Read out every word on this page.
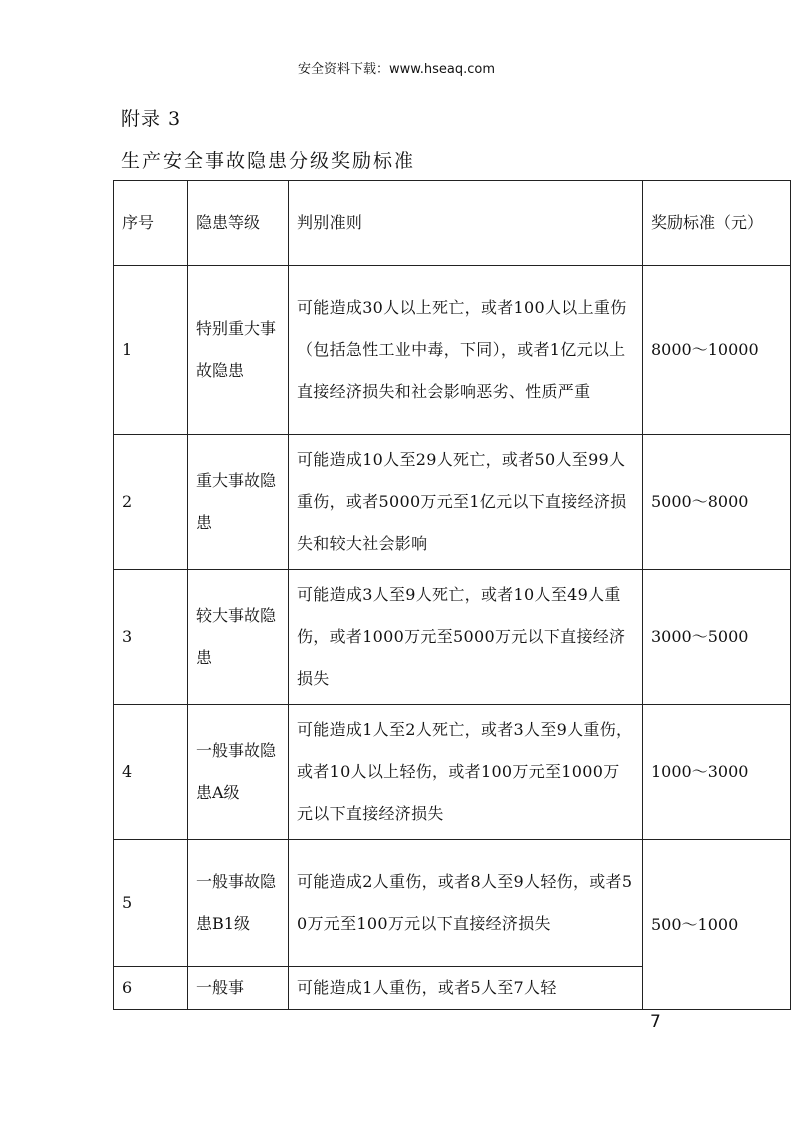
安全资料下载：www.hseaq.com
附录 3
生产安全事故隐患分级奖励标准
序号	隐患等级	判别准则	奖励标准（元）
1	特别重大事故隐患	可能造成30人以上死亡，或者100人以上重伤（包括急性工业中毒，下同），或者1亿元以上直接经济损失和社会影响恶劣、性质严重	8000～10000
2	重大事故隐患	可能造成10人至29人死亡，或者50人至99人重伤，或者5000万元至1亿元以下直接经济损失和较大社会影响	5000～8000
3	较大事故隐患	可能造成3人至9人死亡，或者10人至49人重伤，或者1000万元至5000万元以下直接经济损失	3000～5000
4	一般事故隐患A级	可能造成1人至2人死亡，或者3人至9人重伤，或者10人以上轻伤，或者100万元至1000万元以下直接经济损失	1000～3000
5	一般事故隐患B1级	可能造成2人重伤，或者8人至9人轻伤，或者50万元至100万元以下直接经济损失	500～1000
6	一般事	可能造成1人重伤，或者5人至7人轻	
7
